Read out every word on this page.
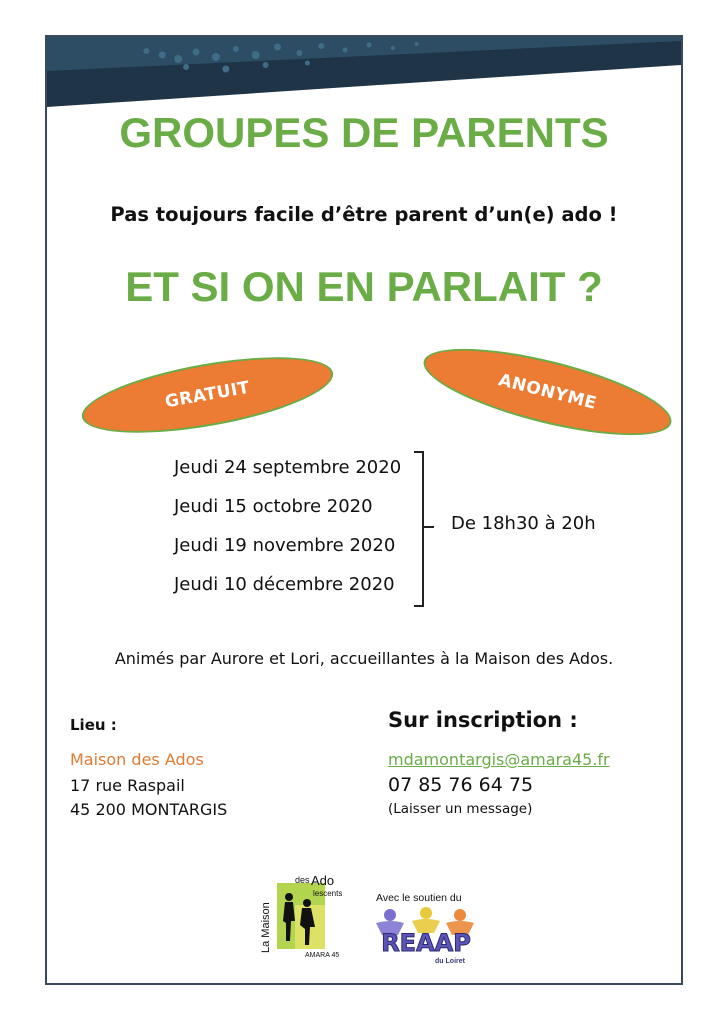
GROUPES DE PARENTS
Pas toujours facile d’être parent d’un(e) ado !
ET SI ON EN PARLAIT ?
GRATUIT	ANONYME
Jeudi 24 septembre 2020
Jeudi 15 octobre 2020
Jeudi 19 novembre 2020
Jeudi 10 décembre 2020
De 18h30 à 20h
Animés par Aurore et Lori, accueillantes à la Maison des Ados.
Lieu :
Maison des Ados
17 rue Raspail
45 200 MONTARGIS
Sur inscription :
mdamontargis@amara45.fr
07 85 76 64 75
(Laisser un message)
La Maison
des Ado
lescents
AMARA 45
Avec le soutien du
REAAP
du Loiret
